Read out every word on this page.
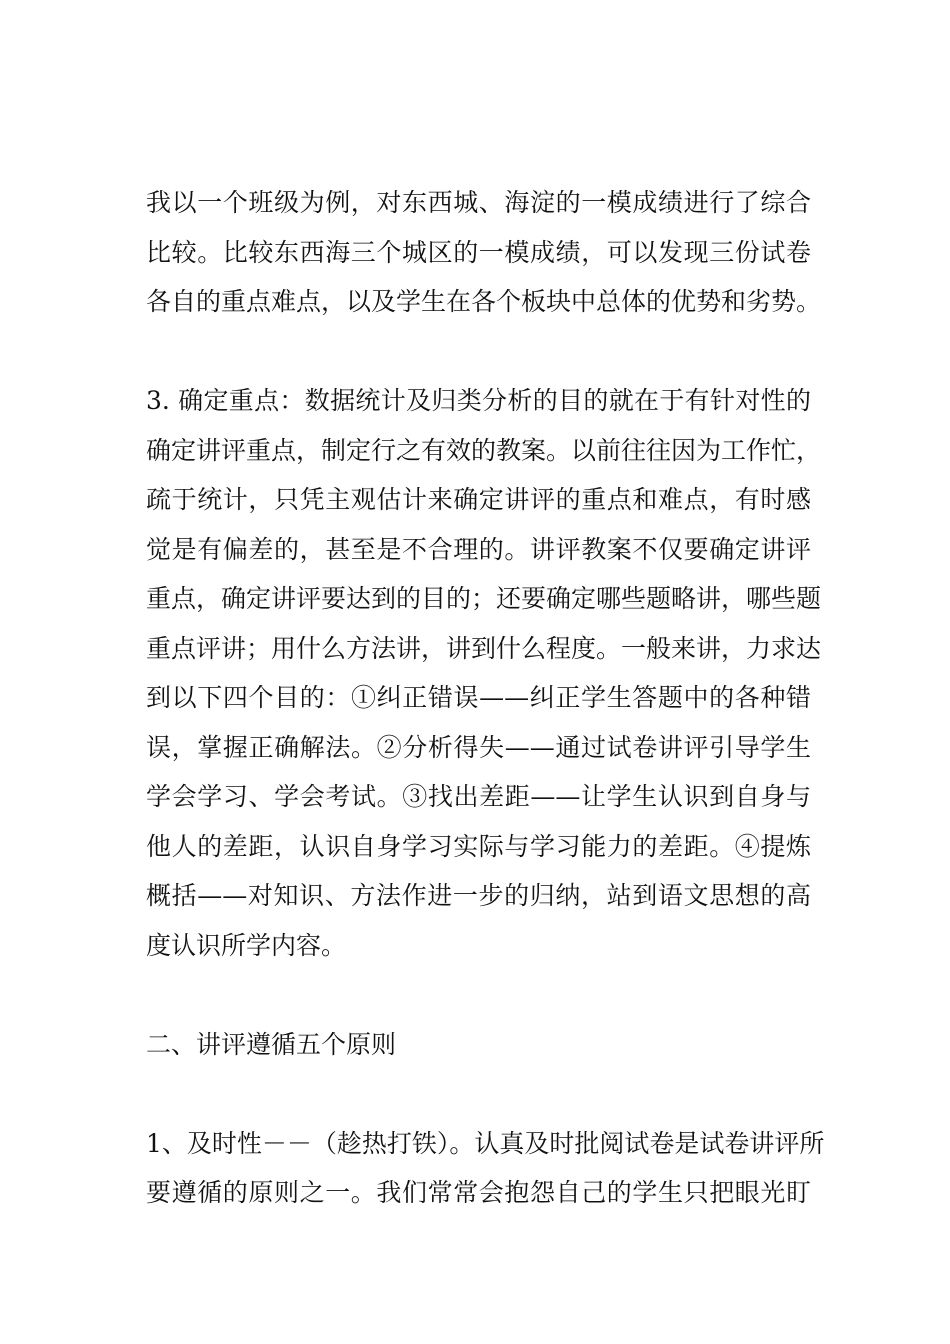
我以一个班级为例，对东西城、海淀的一模成绩进行了综合
比较。比较东西海三个城区的一模成绩，可以发现三份试卷
各自的重点难点，以及学生在各个板块中总体的优势和劣势。
3. 确定重点：数据统计及归类分析的目的就在于有针对性的
确定讲评重点，制定行之有效的教案。以前往往因为工作忙，
疏于统计，只凭主观估计来确定讲评的重点和难点，有时感
觉是有偏差的，甚至是不合理的。讲评教案不仅要确定讲评
重点，确定讲评要达到的目的；还要确定哪些题略讲，哪些题
重点评讲；用什么方法讲，讲到什么程度。一般来讲，力求达
到以下四个目的：①纠正错误——纠正学生答题中的各种错
误，掌握正确解法。②分析得失——通过试卷讲评引导学生
学会学习、学会考试。③找出差距——让学生认识到自身与
他人的差距，认识自身学习实际与学习能力的差距。④提炼
概括——对知识、方法作进一步的归纳，站到语文思想的高
度认识所学内容。
二、讲评遵循五个原则
1、及时性－－（趁热打铁）。认真及时批阅试卷是试卷讲评所
要遵循的原则之一。我们常常会抱怨自己的学生只把眼光盯
